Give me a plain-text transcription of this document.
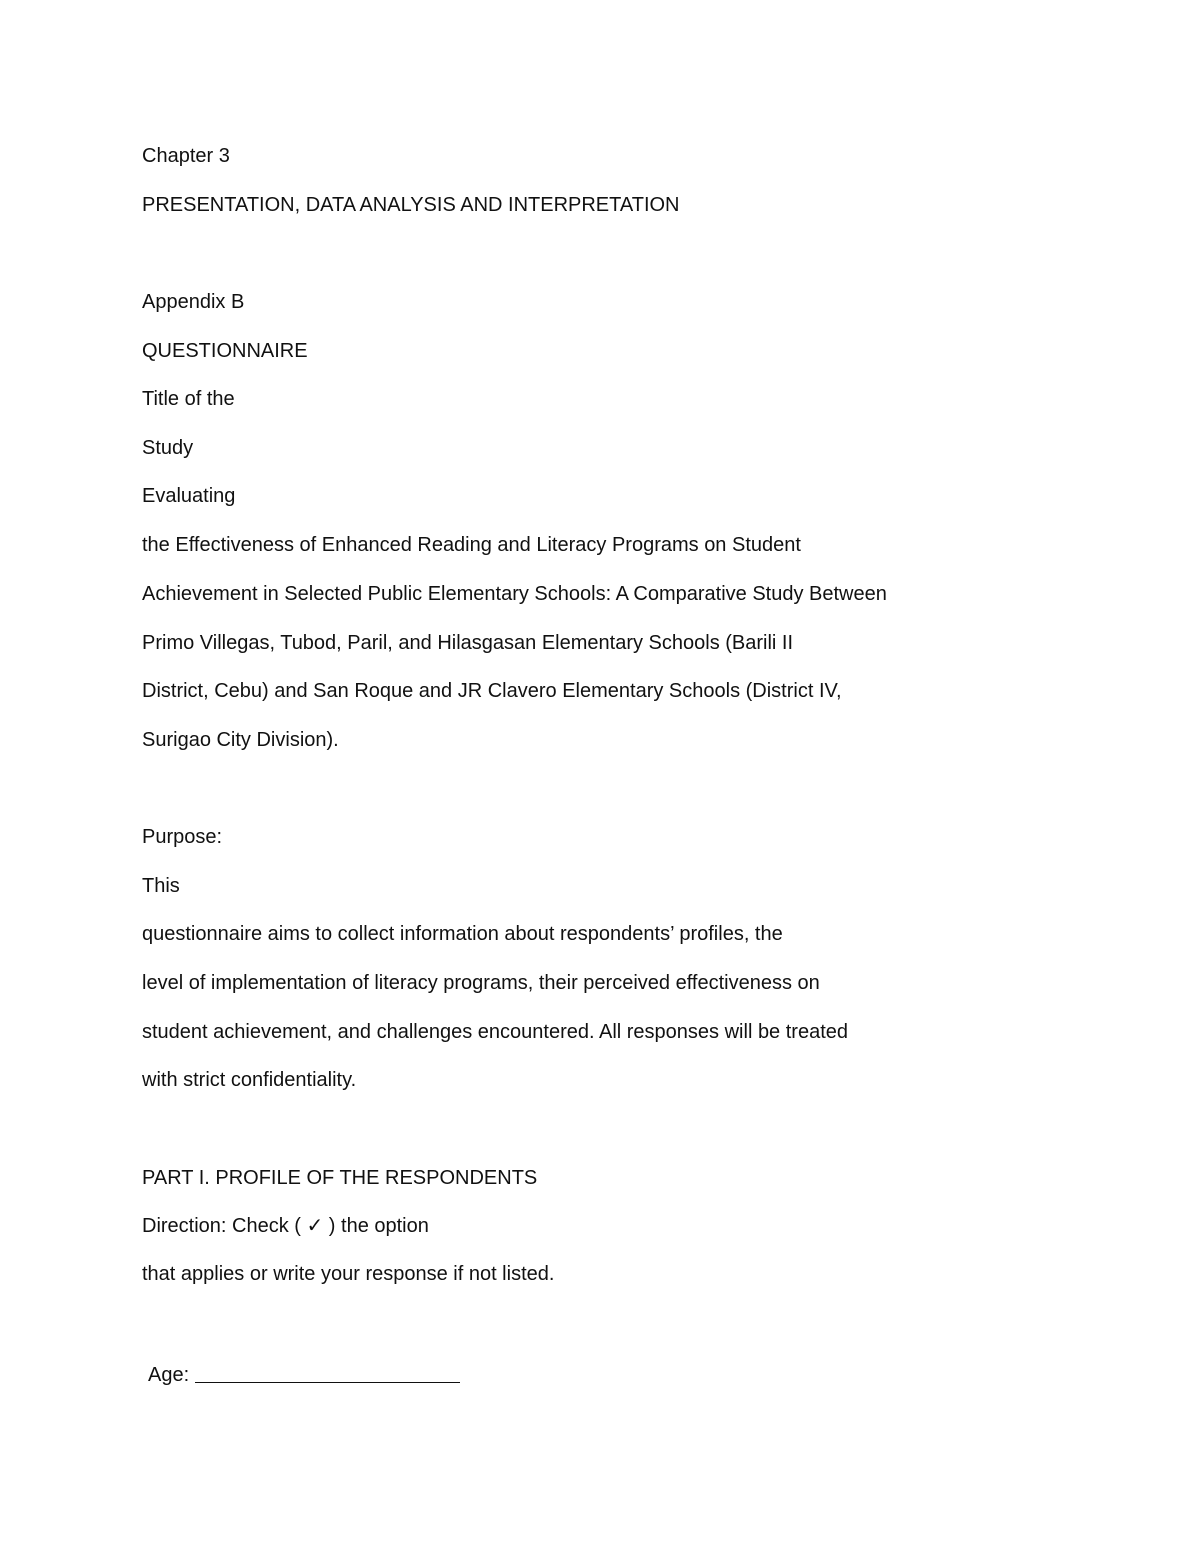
Chapter 3

PRESENTATION, DATA ANALYSIS AND INTERPRETATION

Appendix B

QUESTIONNAIRE

Title of the

Study

Evaluating

the Effectiveness of Enhanced Reading and Literacy Programs on Student

Achievement in Selected Public Elementary Schools: A Comparative Study Between

Primo Villegas, Tubod, Paril, and Hilasgasan Elementary Schools (Barili II

District, Cebu) and San Roque and JR Clavero Elementary Schools (District IV,

Surigao City Division).

Purpose:

This

questionnaire aims to collect information about respondents’ profiles, the

level of implementation of literacy programs, their perceived effectiveness on

student achievement, and challenges encountered. All responses will be treated

with strict confidentiality.

PART I. PROFILE OF THE RESPONDENTS

Direction: Check ( ✓ ) the option

that applies or write your response if not listed.

Age:
